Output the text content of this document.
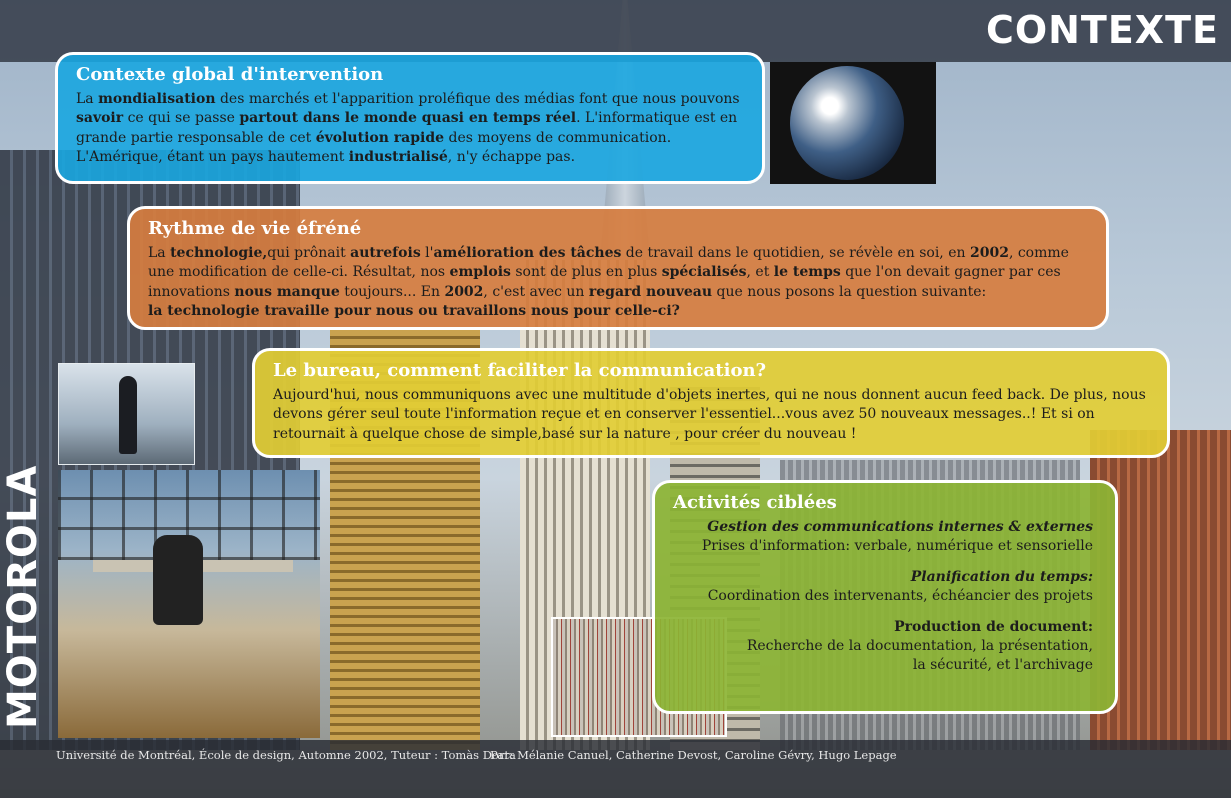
CONTEXTE
Contexte global d'intervention

La mondialisation des marchés et l'apparition proléfique des médias font que nous pouvons savoir ce qui se passe partout dans le monde quasi en temps réel. L'informatique est en grande partie responsable de cet évolution rapide des moyens de communication. L'Amérique, étant un pays hautement industrialisé, n'y échappe pas.

Rythme de vie éfréné

La technologie,qui prônait autrefois l'amélioration des tâches de travail dans le quotidien, se révèle en soi, en 2002, comme une modification de celle-ci. Résultat, nos emplois sont de plus en plus spécialisés, et le temps que l'on devait gagner par ces innovations nous manque toujours... En 2002, c'est avec un regard nouveau que nous posons la question suivante:
la technologie travaille pour nous ou travaillons nous pour celle-ci?

Le bureau, comment faciliter la communication?

Aujourd'hui, nous communiquons avec une multitude d'objets inertes, qui ne nous donnent aucun feed back. De plus, nous devons gérer seul toute l'information reçue et en conserver l'essentiel...vous avez 50 nouveaux messages..! Et si on retournait à quelque chose de simple,basé sur la nature , pour créer du nouveau !

Activités ciblées
Gestion des communications internes & externes
Prises d'information: verbale, numérique et sensorielle
Planification du temps:
Coordination des intervenants, échéancier des projets
Production de document:
Recherche de la documentation, la présentation,
la sécurité, et l'archivage
MOTOROLA
Université de Montréal, École de design, Automne 2002, Tuteur : Tomàs Dorta
Par: Mélanie Canuel, Catherine Devost, Caroline Gévry, Hugo Lepage
